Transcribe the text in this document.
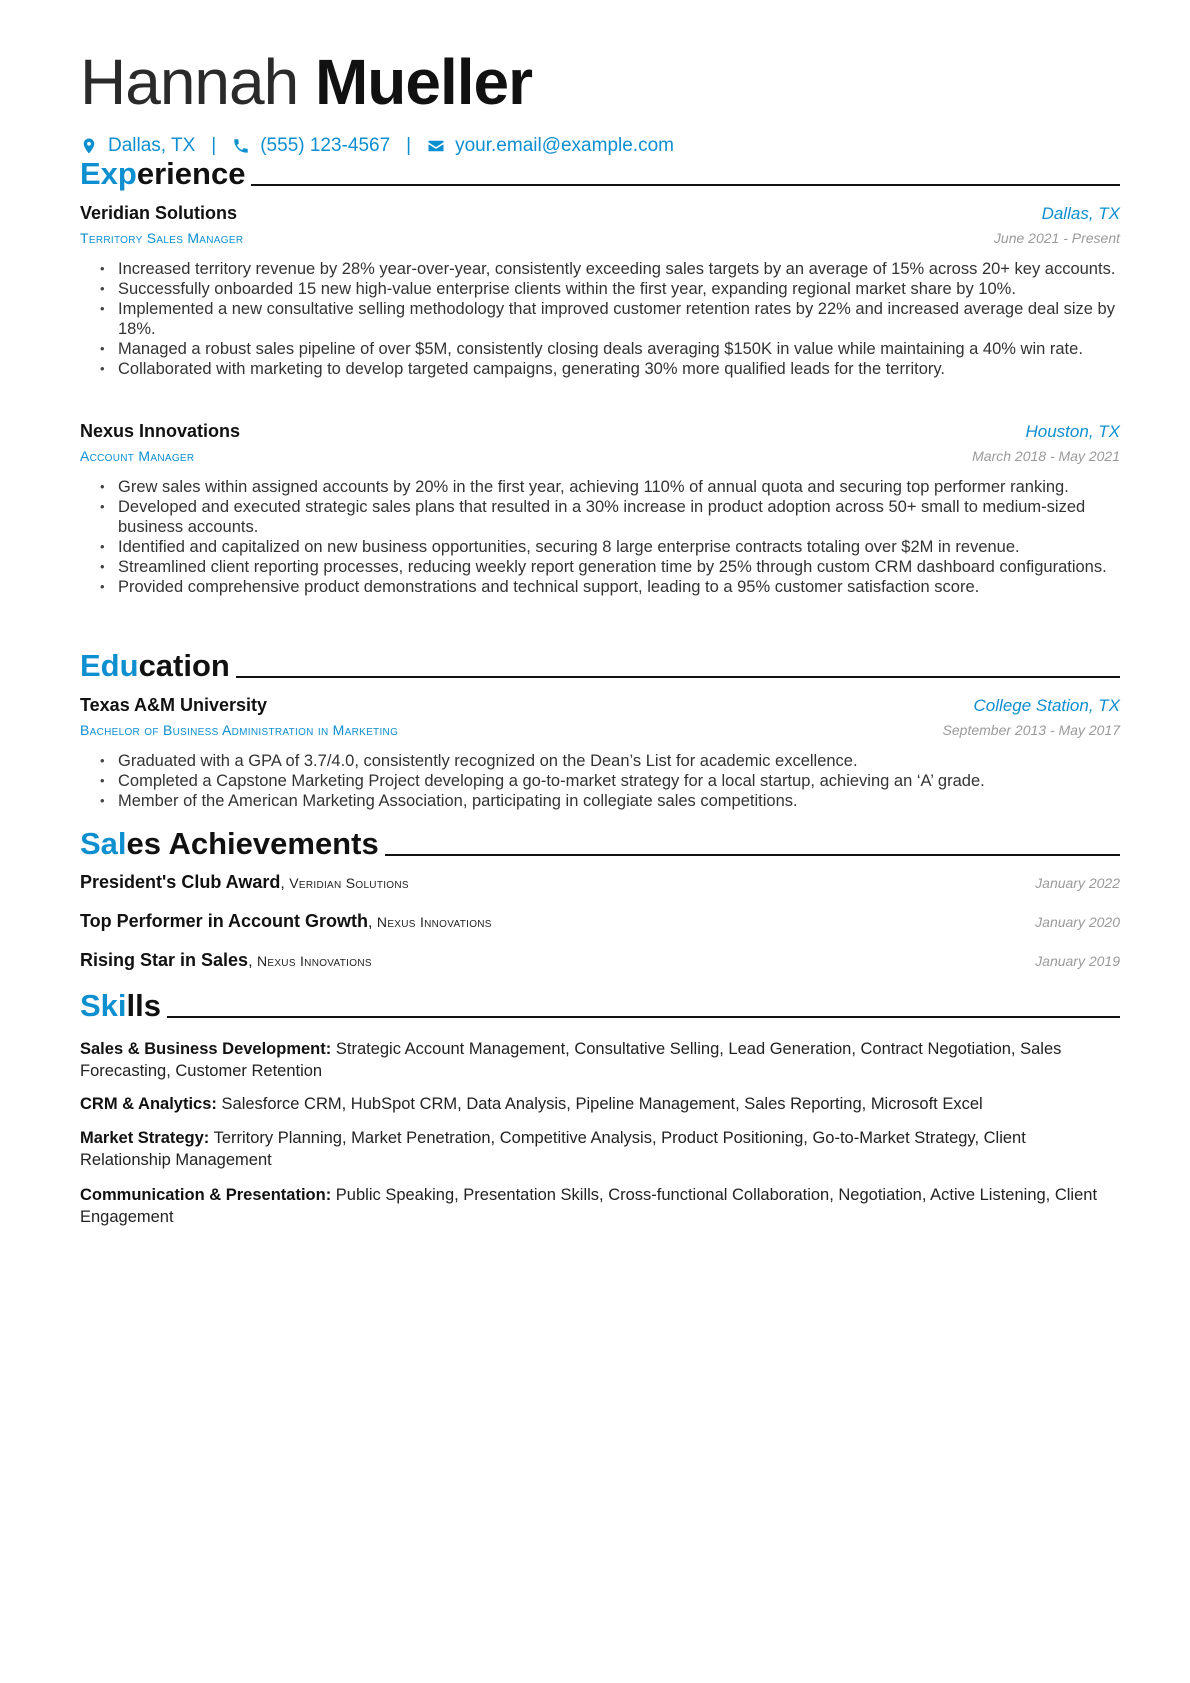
Hannah Mueller
Dallas, TX | (555) 123-4567 | your.email@example.com
Experience
Veridian Solutions	Dallas, TX
Territory Sales Manager	June 2021 - Present
• Increased territory revenue by 28% year-over-year, consistently exceeding sales targets by an average of 15% across 20+ key accounts.
• Successfully onboarded 15 new high-value enterprise clients within the first year, expanding regional market share by 10%.
• Implemented a new consultative selling methodology that improved customer retention rates by 22% and increased average deal size by 18%.
• Managed a robust sales pipeline of over $5M, consistently closing deals averaging $150K in value while maintaining a 40% win rate.
• Collaborated with marketing to develop targeted campaigns, generating 30% more qualified leads for the territory.
Nexus Innovations	Houston, TX
Account Manager	March 2018 - May 2021
• Grew sales within assigned accounts by 20% in the first year, achieving 110% of annual quota and securing top performer ranking.
• Developed and executed strategic sales plans that resulted in a 30% increase in product adoption across 50+ small to medium-sized business accounts.
• Identified and capitalized on new business opportunities, securing 8 large enterprise contracts totaling over $2M in revenue.
• Streamlined client reporting processes, reducing weekly report generation time by 25% through custom CRM dashboard configurations.
• Provided comprehensive product demonstrations and technical support, leading to a 95% customer satisfaction score.
Education
Texas A&M University	College Station, TX
Bachelor of Business Administration in Marketing	September 2013 - May 2017
• Graduated with a GPA of 3.7/4.0, consistently recognized on the Dean’s List for academic excellence.
• Completed a Capstone Marketing Project developing a go-to-market strategy for a local startup, achieving an ‘A’ grade.
• Member of the American Marketing Association, participating in collegiate sales competitions.
Sales Achievements
President's Club Award, Veridian Solutions	January 2022
Top Performer in Account Growth, Nexus Innovations	January 2020
Rising Star in Sales, Nexus Innovations	January 2019
Skills
Sales & Business Development: Strategic Account Management, Consultative Selling, Lead Generation, Contract Negotiation, Sales Forecasting, Customer Retention
CRM & Analytics: Salesforce CRM, HubSpot CRM, Data Analysis, Pipeline Management, Sales Reporting, Microsoft Excel
Market Strategy: Territory Planning, Market Penetration, Competitive Analysis, Product Positioning, Go-to-Market Strategy, Client Relationship Management
Communication & Presentation: Public Speaking, Presentation Skills, Cross-functional Collaboration, Negotiation, Active Listening, Client Engagement
